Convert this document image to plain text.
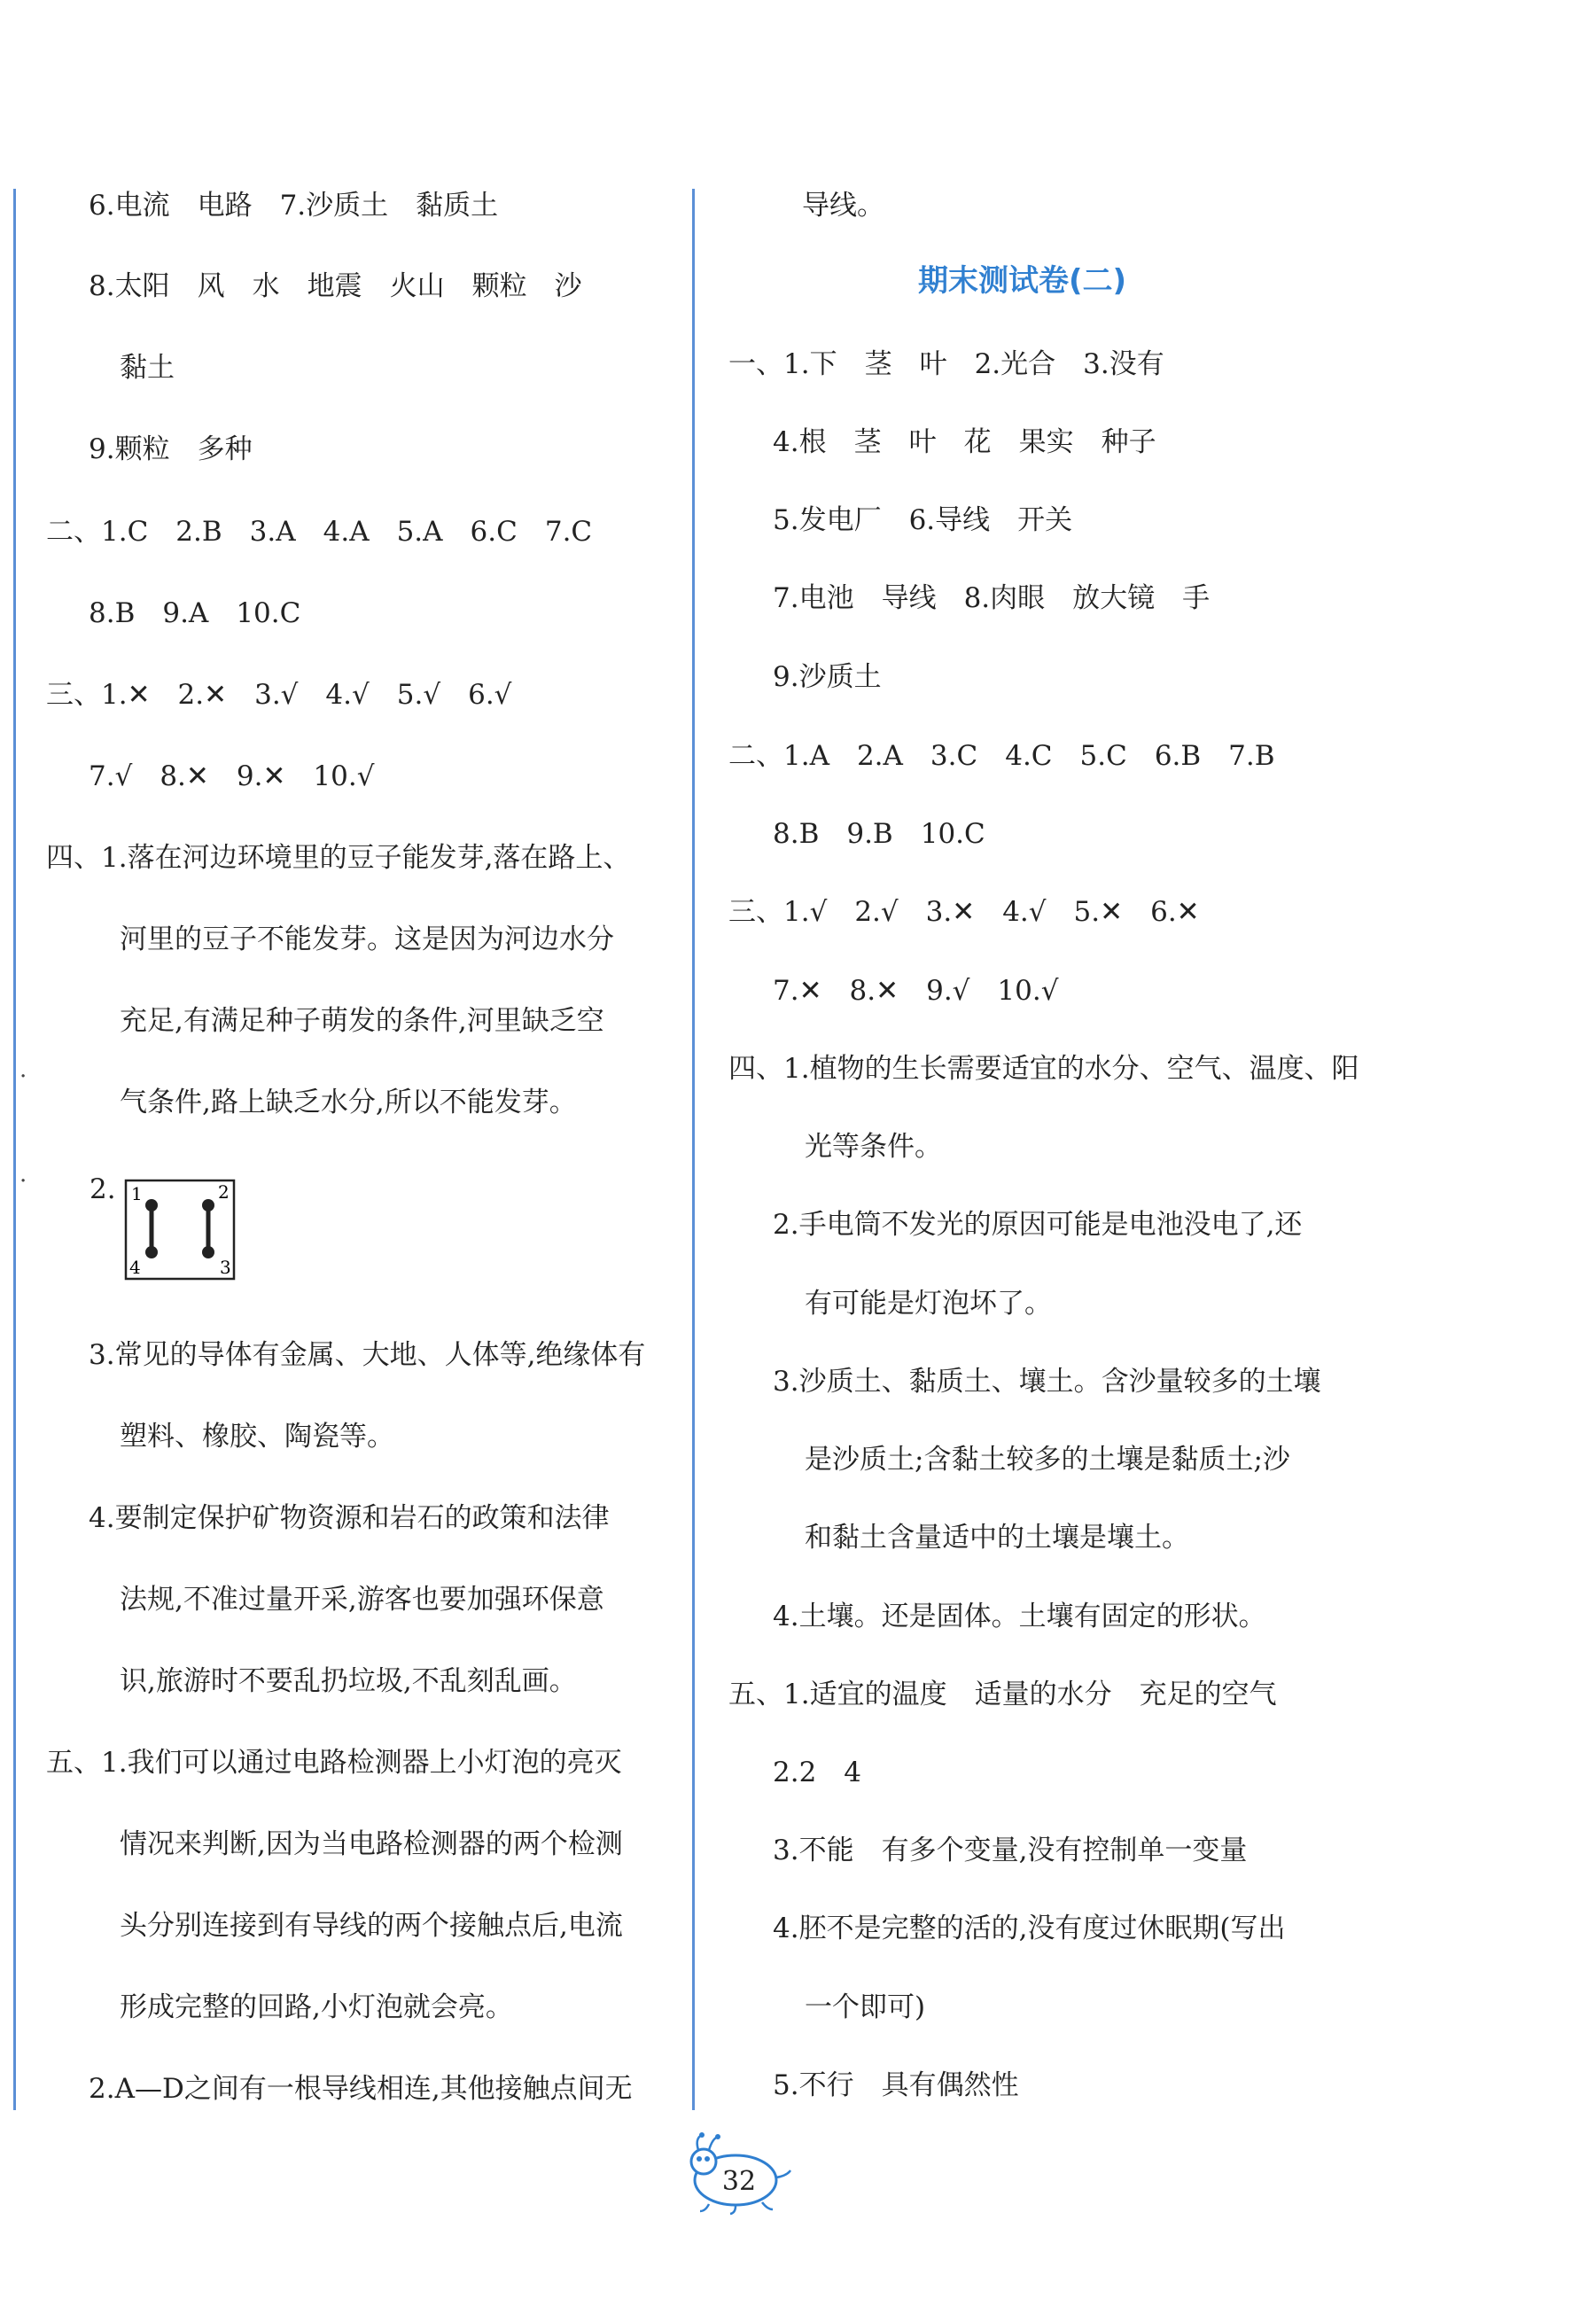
6.电流　电路　7.沙质土　黏质土
8.太阳　风　水　地震　火山　颗粒　沙
黏土
9.颗粒　多种
二、1.C　2.B　3.A　4.A　5.A　6.C　7.C
8.B　9.A　10.C
三、1.✕　2.✕　3.√　4.√　5.√　6.√
7.√　8.✕　9.✕　10.√
四、1.落在河边环境里的豆子能发芽,落在路上、
河里的豆子不能发芽。这是因为河边水分
充足,有满足种子萌发的条件,河里缺乏空
气条件,路上缺乏水分,所以不能发芽。
·
· 2. 1	2
3
4
3.常见的导体有金属、大地、人体等,绝缘体有
塑料、橡胶、陶瓷等。
4.要制定保护矿物资源和岩石的政策和法律
法规,不准过量开采,游客也要加强环保意
识,旅游时不要乱扔垃圾,不乱刻乱画。
五、1.我们可以通过电路检测器上小灯泡的亮灭
情况来判断,因为当电路检测器的两个检测
头分别连接到有导线的两个接触点后,电流
形成完整的回路,小灯泡就会亮。
2.A—D之间有一根导线相连,其他接触点间无
导线。
期末测试卷(二)
一、1.下　茎　叶　2.光合　3.没有
4.根　茎　叶　花　果实　种子
5.发电厂　6.导线　开关
7.电池　导线　8.肉眼　放大镜　手
9.沙质土
二、1.A　2.A　3.C　4.C　5.C　6.B　7.B
8.B　9.B　10.C
三、1.√　2.√　3.✕　4.√　5.✕　6.✕
7.✕　8.✕　9.√　10.√
四、1.植物的生长需要适宜的水分、空气、温度、阳
光等条件。
2.手电筒不发光的原因可能是电池没电了,还
有可能是灯泡坏了。
3.沙质土、黏质土、壤土。含沙量较多的土壤
是沙质土;含黏土较多的土壤是黏质土;沙
和黏土含量适中的土壤是壤土。
4.土壤。还是固体。土壤有固定的形状。
五、1.适宜的温度　适量的水分　充足的空气
2.2　4
3.不能　有多个变量,没有控制单一变量
4.胚不是完整的活的,没有度过休眠期(写出
一个即可)
5.不行　具有偶然性
32
